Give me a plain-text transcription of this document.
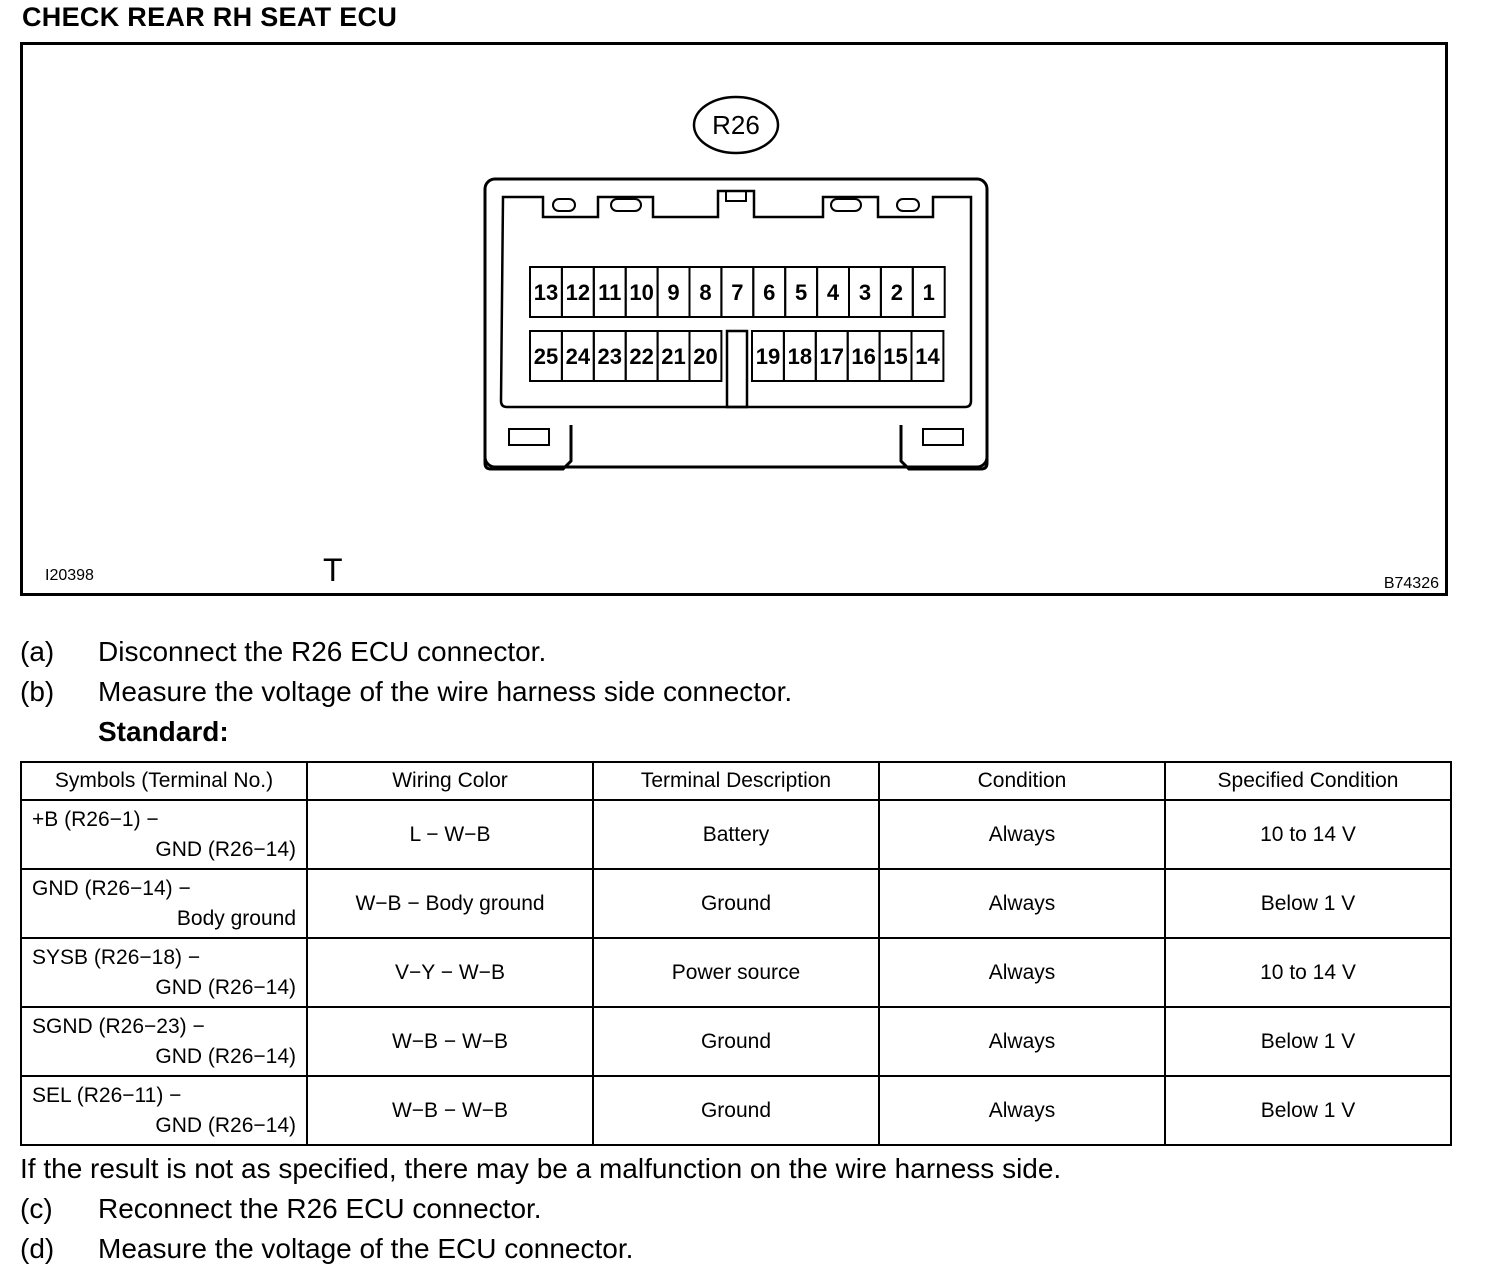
CHECK REAR RH SEAT ECU
R26
13 12 11 10 9 8 7 6 5 4 3 2 1
25 24 23 22 21 20 19 18 17 16 15 14
I20398	T	B74326
(a) Disconnect the R26 ECU connector.
(b) Measure the voltage of the wire harness side connector.
Standard:
Symbols (Terminal No.)	Wiring Color	Terminal Description	Condition	Specified Condition

+B (R26−1) −
GND (R26−14)	L − W−B	Battery	Always	10 to 14 V

GND (R26−14) −
Body ground	W−B − Body ground	Ground	Always	Below 1 V

SYSB (R26−18) −
GND (R26−14)	V−Y − W−B	Power source	Always	10 to 14 V

SGND (R26−23) −
GND (R26−14)	W−B − W−B	Ground	Always	Below 1 V

SEL (R26−11) −
GND (R26−14)	W−B − W−B	Ground	Always	Below 1 V
If the result is not as specified, there may be a malfunction on the wire harness side.
(c) Reconnect the R26 ECU connector.
(d) Measure the voltage of the ECU connector.
